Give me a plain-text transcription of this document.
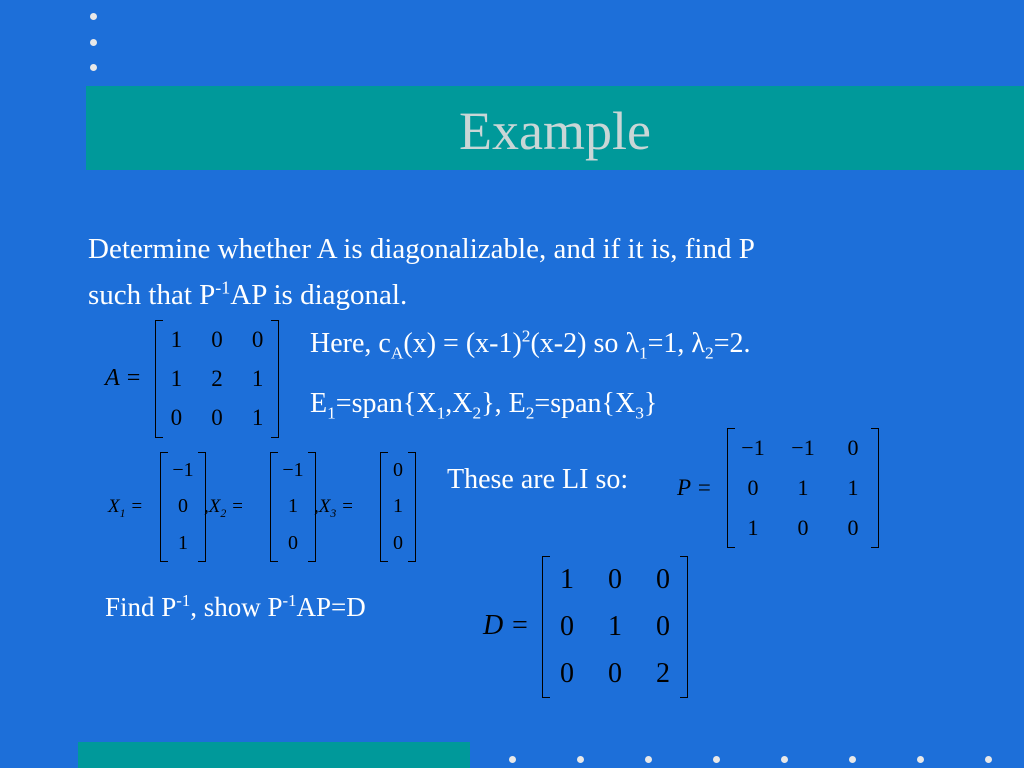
Example
Determine whether A is diagonalizable, and if it is, find P
such that $P^{-1}AP$ is diagonal.
A =
1	0	0
1	2	1
0	0	1
Here, $c_A(x) = (x-1)^2(x-2)$ so $\lambda_1=1$, $\lambda_2=2$.
$E_1=span\{X_1,X_2\}$, $E_2=span\{X_3\}$
$X_1$ =
−1
0
1
$,X_2$ =
−1
1
0
$,X_3$ =
0
1
0
These are LI so: P =
−1	−1	0
0	1	1
1	0	0
Find $P^{-1}$, show $P^{-1}AP=D$
D =
1	0	0
0	1	0
0	0	2
